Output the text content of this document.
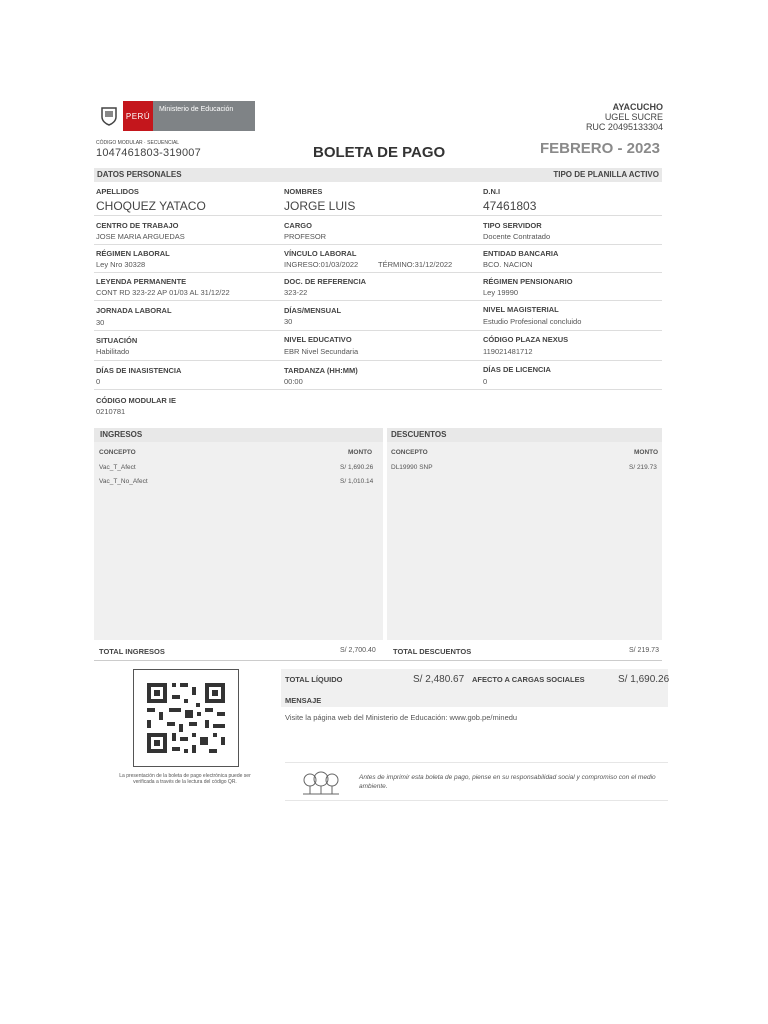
PERÚ
Ministerio de Educación
CÓDIGO MODULAR · SECUENCIAL
1047461803-319007	BOLETA DE PAGO	FEBRERO - 2023
AYACUCHO
UGEL SUCRE
RUC 20495133304
DATOS PERSONALES	TIPO DE PLANILLA ACTIVO
APELLIDOS
CHOQUEZ YATACO
NOMBRES
JORGE LUIS
D.N.I
47461803
CENTRO DE TRABAJO
JOSE MARIA ARGUEDAS
CARGO
PROFESOR
TIPO SERVIDOR
Docente Contratado
RÉGIMEN LABORAL
Ley Nro 30328
VÍNCULO LABORAL
INGRESO:01/03/2022	TÉRMINO:31/12/2022
ENTIDAD BANCARIA
BCO. NACION
LEYENDA PERMANENTE
CONT RD 323-22 AP 01/03 AL 31/12/22
DOC. DE REFERENCIA
323-22
RÉGIMEN PENSIONARIO
Ley 19990
JORNADA LABORAL
30
DÍAS/MENSUAL
30
NIVEL MAGISTERIAL
Estudio Profesional concluido
SITUACIÓN
Habilitado
NIVEL EDUCATIVO
EBR Nivel Secundaria
CÓDIGO PLAZA NEXUS
119021481712
DÍAS DE INASISTENCIA
0
TARDANZA (HH:MM)
00:00
DÍAS DE LICENCIA
0
CÓDIGO MODULAR IE
0210781
INGRESOS
CONCEPTO	MONTO
Vac_T_Afect	S/ 1,690.26
Vac_T_No_Afect	S/ 1,010.14
DESCUENTOS
CONCEPTO	MONTO
DL19990 SNP	S/ 219.73
TOTAL INGRESOS	S/ 2,700.40 TOTAL DESCUENTOS	S/ 219.73
TOTAL LÍQUIDO	S/ 2,480.67 AFECTO A CARGAS SOCIALES	S/ 1,690.26
MENSAJE
Visite la página web del Ministerio de Educación: www.gob.pe/minedu
La presentación de la boleta de pago electrónica puede ser verificada a través de la lectura del código QR.
Antes de imprimir esta boleta de pago, piense en su responsabilidad social y compromiso con el medio ambiente.
